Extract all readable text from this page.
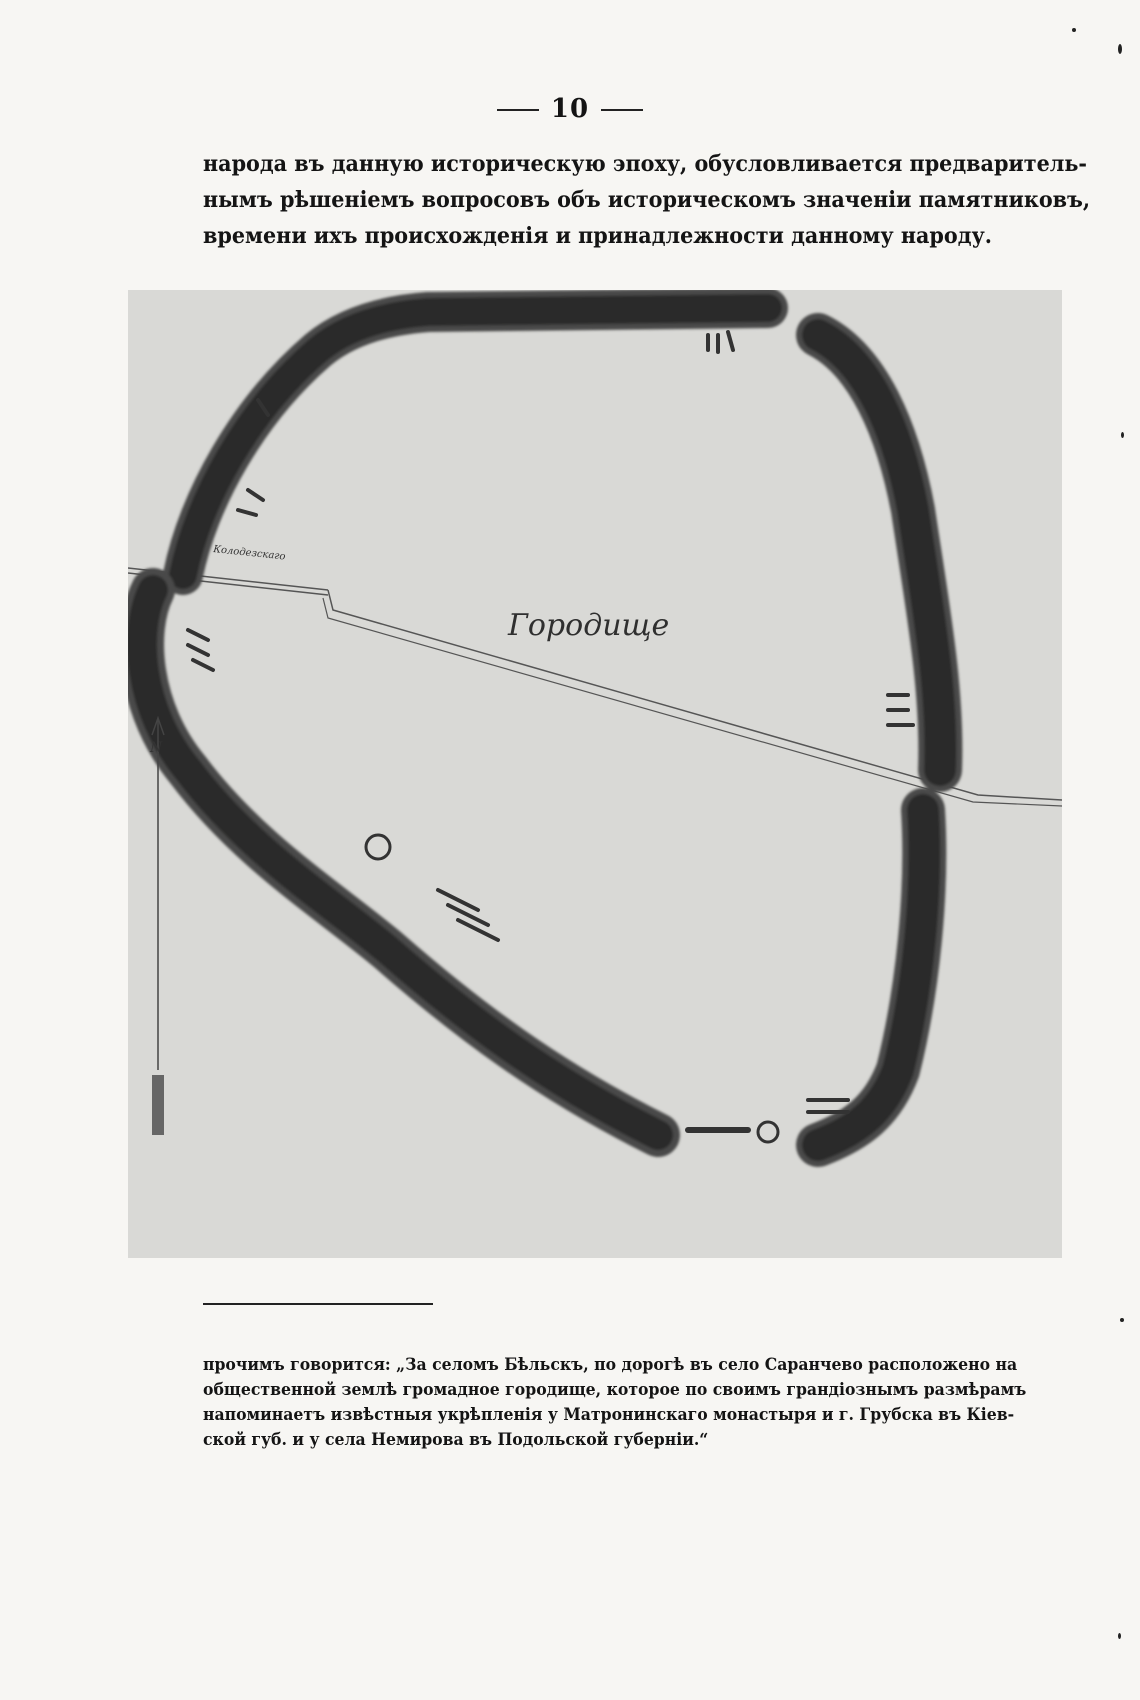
10
народа въ данную историческую эпоху, обусловливается предваритель-
нымъ рѣшеніемъ вопросовъ объ историческомъ значеніи памятниковъ,
времени ихъ происхожденія и принадлежности данному народу.
N
Городище
Колодезскаго
прочимъ говорится: „За селомъ Бѣльскъ, по дорогѣ въ село Саранчево расположено на
общественной землѣ громадное городище, которое по своимъ грандіознымъ размѣрамъ
напоминаетъ извѣстныя укрѣпленія у Матронинскаго монастыря и г. Грубска въ Кіев-
ской губ. и у села Немирова въ Подольской губерніи.“
